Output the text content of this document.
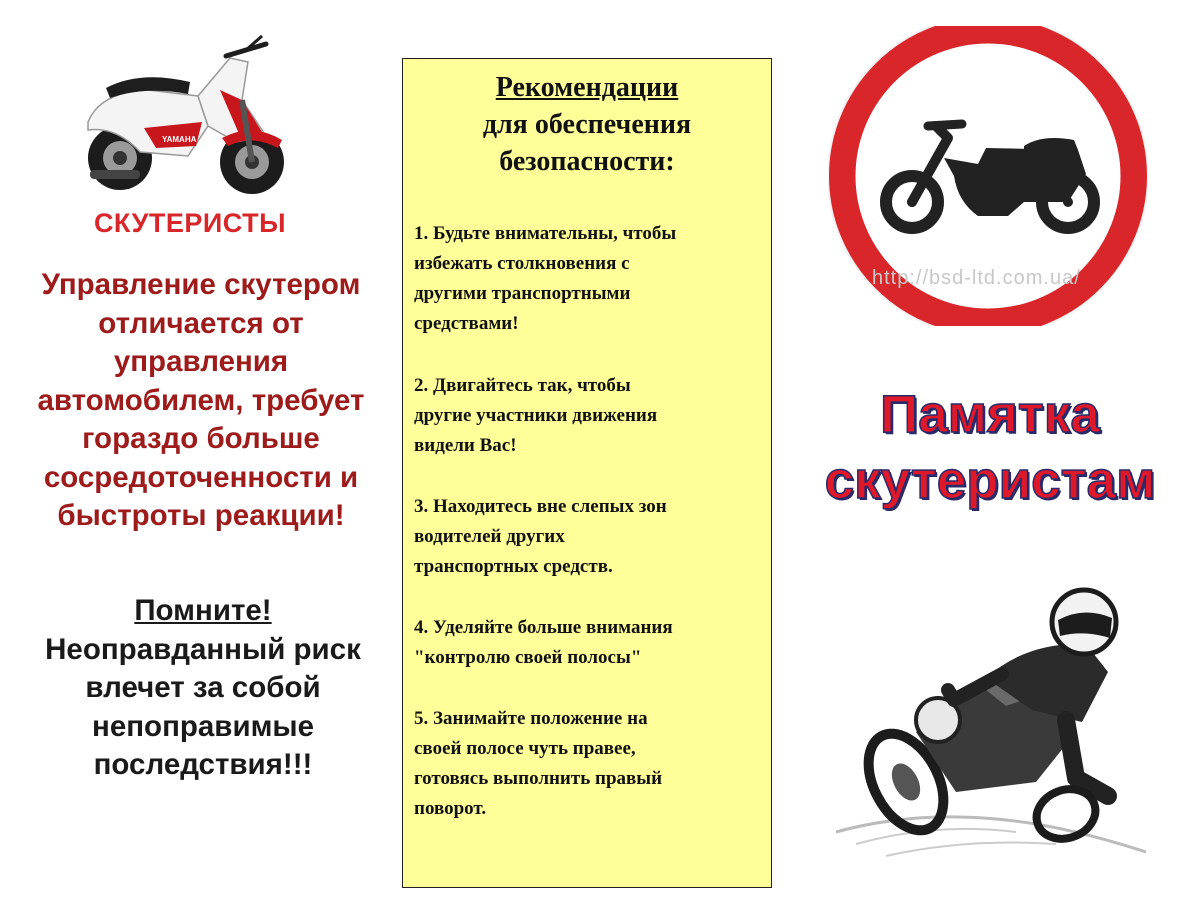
YAMAHA
СКУТЕРИСТЫ
Управление скутером отличается от управления автомобилем, требует гораздо больше сосредоточенности и быстроты реакции!
Помните!
Неоправданный риск влечет за собой непоправимые последствия!!!
Рекомендации
для обеспечения
безопасности:
1. Будьте внимательны, чтобы
избежать столкновения с
другими транспортными
средствами!
2. Двигайтесь так, чтобы
другие участники движения
видели Вас!
3. Находитесь вне слепых зон
водителей других
транспортных средств.
4. Уделяйте больше внимания
"контролю своей полосы"
5. Занимайте положение на
своей полосе чуть правее,
готовясь выполнить правый
поворот.
http://bsd-ltd.com.ua/
Памятка
скутеристам
